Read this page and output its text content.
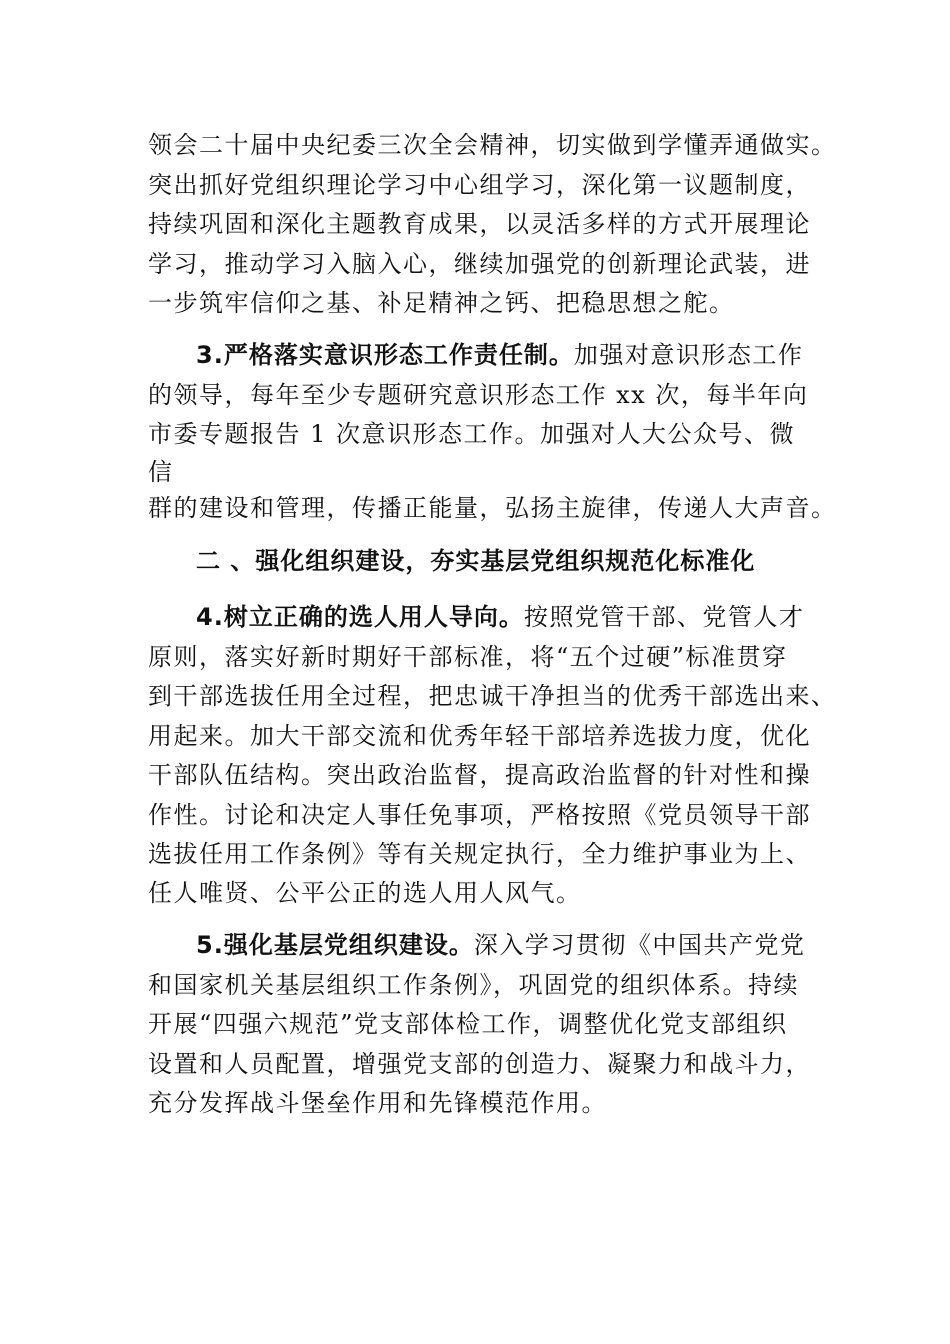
领会二十届中央纪委三次全会精神，切实做到学懂弄通做实。
突出抓好党组织理论学习中心组学习，深化第一议题制度，
持续巩固和深化主题教育成果，以灵活多样的方式开展理论
学习，推动学习入脑入心，继续加强党的创新理论武装，进
一步筑牢信仰之基、补足精神之钙、把稳思想之舵。
3.严格落实意识形态工作责任制。加强对意识形态工作
的领导，每年至少专题研究意识形态工作 xx 次，每半年向
市委专题报告 1 次意识形态工作。加强对人大公众号、微
信
群的建设和管理，传播正能量，弘扬主旋律，传递人大声音。
二 、强化组织建设，夯实基层党组织规范化标准化
4.树立正确的选人用人导向。按照党管干部、党管人才
原则，落实好新时期好干部标准，将“五个过硬”标准贯穿
到干部选拔任用全过程，把忠诚干净担当的优秀干部选出来、
用起来。加大干部交流和优秀年轻干部培养选拔力度，优化
干部队伍结构。突出政治监督，提高政治监督的针对性和操
作性。讨论和决定人事任免事项，严格按照《党员领导干部
选拔任用工作条例》等有关规定执行，全力维护事业为上、
任人唯贤、公平公正的选人用人风气。
5.强化基层党组织建设。深入学习贯彻《中国共产党党
和国家机关基层组织工作条例》，巩固党的组织体系。持续
开展“四强六规范”党支部体检工作，调整优化党支部组织
设置和人员配置，增强党支部的创造力、凝聚力和战斗力，
充分发挥战斗堡垒作用和先锋模范作用。
